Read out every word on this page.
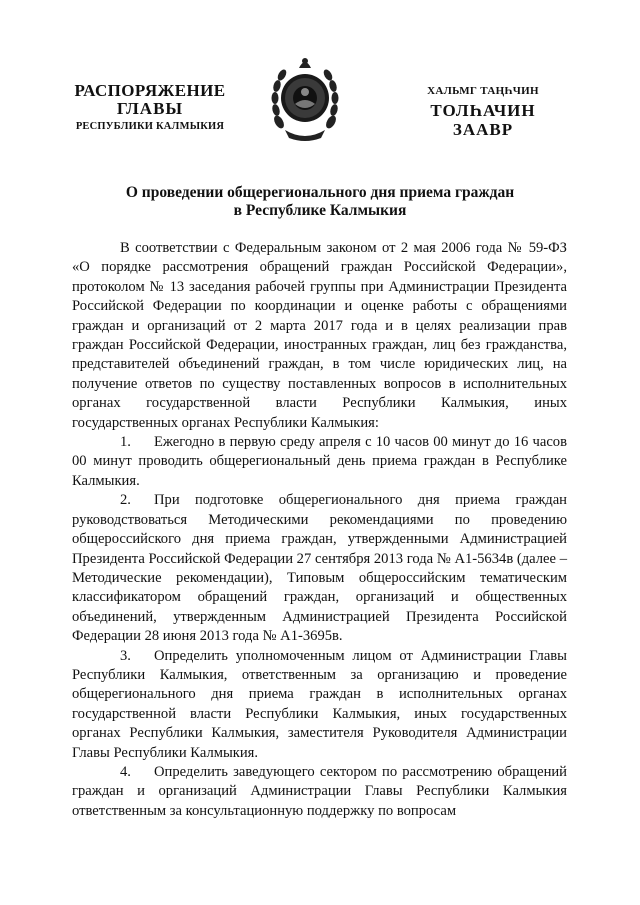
РАСПОРЯЖЕНИЕ
ГЛАВЫ
РЕСПУБЛИКИ КАЛМЫКИЯ
ХАЛЬМГ ТАҢҺЧИН
ТОЛҺАЧИН
ЗААВР
О проведении общерегионального дня приема граждан
в Республике Калмыкия

В соответствии с Федеральным законом от 2 мая 2006 года № 59-ФЗ «О порядке рассмотрения обращений граждан Российской Федерации», протоколом № 13 заседания рабочей группы при Администрации Президента Российской Федерации по координации и оценке работы с обращениями граждан и организаций от 2 марта 2017 года и в целях реализации прав граждан Российской Федерации, иностранных граждан, лиц без гражданства, представителей объединений граждан, в том числе юридических лиц, на получение ответов по существу поставленных вопросов в исполнительных органах государственной власти Республики Калмыкия, иных государственных органах Республики Калмыкия:

1. Ежегодно в первую среду апреля с 10 часов 00 минут до 16 часов 00 минут проводить общерегиональный день приема граждан в Республике Калмыкия.

2. При подготовке общерегионального дня приема граждан руководствоваться Методическими рекомендациями по проведению общероссийского дня приема граждан, утвержденными Администрацией Президента Российской Федерации 27 сентября 2013 года № А1-5634в (далее – Методические рекомендации), Типовым общероссийским тематическим классификатором обращений граждан, организаций и общественных объединений, утвержденным Администрацией Президента Российской Федерации 28 июня 2013 года № А1-3695в.

3. Определить уполномоченным лицом от Администрации Главы Республики Калмыкия, ответственным за организацию и проведение общерегионального дня приема граждан в исполнительных органах государственной власти Республики Калмыкия, иных государственных органах Республики Калмыкия, заместителя Руководителя Администрации Главы Республики Калмыкия.

4. Определить заведующего сектором по рассмотрению обращений граждан и организаций Администрации Главы Республики Калмыкия ответственным за консультационную поддержку по вопросам
